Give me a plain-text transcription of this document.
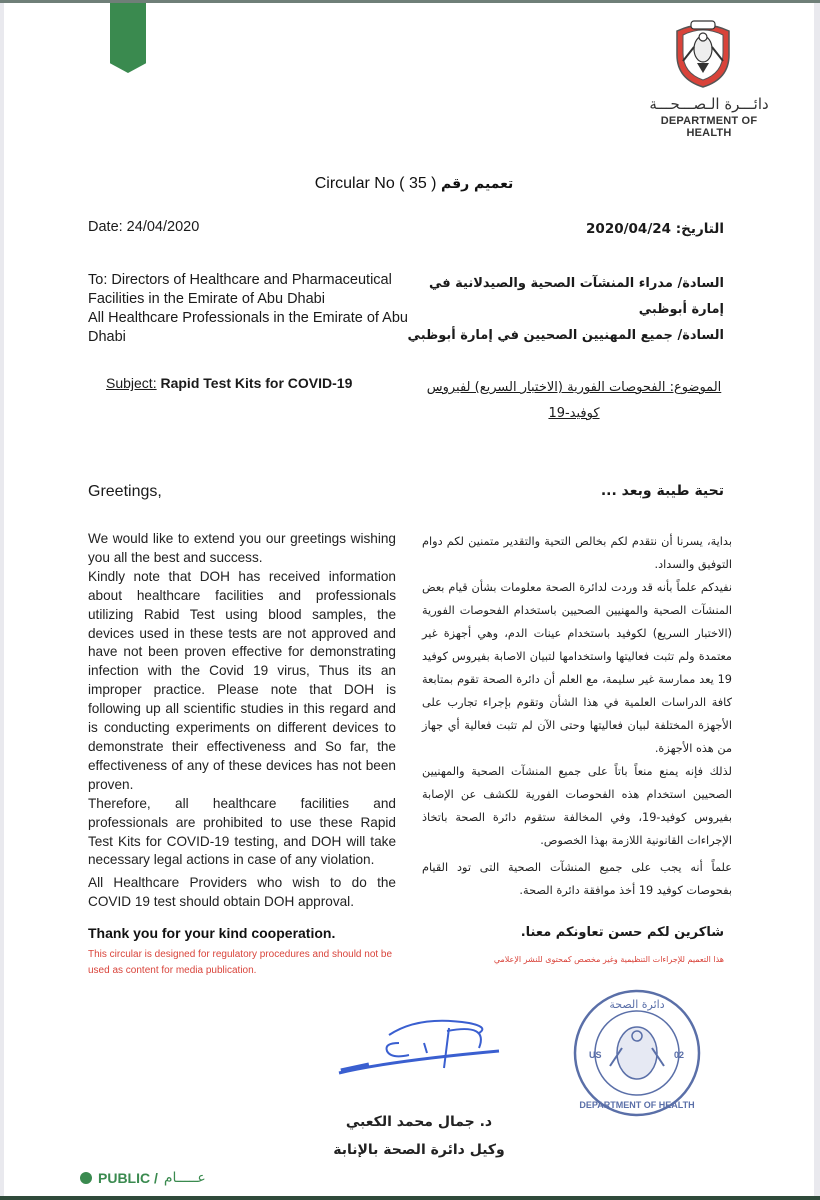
دائـــرة الـصـــحـــة
DEPARTMENT OF HEALTH
Circular No ( 35 ) تعميم رقم
Date: 24/04/2020	التاريخ: 2020/04/24
To: Directors of Healthcare and Pharmaceutical Facilities in the Emirate of Abu Dhabi
All Healthcare Professionals in the Emirate of Abu Dhabi
السادة/ مدراء المنشآت الصحية والصيدلانية في إمارة أبوظبي
السادة/ جميع المهنيين الصحيين في إمارة أبوظبي
Subject: Rapid Test Kits for COVID-19	الموضوع: الفحوصات الفورية (الاختبار السريع) لفيروس كوفيد-19
Greetings,	تحية طيبة وبعد ...

We would like to extend you our greetings wishing you all the best and success.

Kindly note that DOH has received information about healthcare facilities and professionals utilizing Rabid Test using blood samples, the devices used in these tests are not approved and have not been proven effective for demonstrating infection with the Covid 19 virus, Thus its an improper practice. Please note that DOH is following up all scientific studies in this regard and is conducting experiments on different devices to demonstrate their effectiveness and So far, the effectiveness of any of these devices has not been proven.

Therefore, all healthcare facilities and professionals are prohibited to use these Rapid Test Kits for COVID-19 testing, and DOH will take necessary legal actions in case of any violation.

All Healthcare Providers who wish to do the COVID 19 test should obtain DOH approval.

Thank you for your kind cooperation.
This circular is designed for regulatory procedures and should not be used as content for media publication.

بداية، يسرنا أن نتقدم لكم بخالص التحية والتقدير متمنين لكم دوام التوفيق والسداد.

نفيدكم علماً بأنه قد وردت لدائرة الصحة معلومات بشأن قيام بعض المنشآت الصحية والمهنيين الصحيين باستخدام الفحوصات الفورية (الاختبار السريع) لكوفيد باستخدام عينات الدم، وهي أجهزة غير معتمدة ولم تثبت فعاليتها واستخدامها لتبيان الاصابة بفيروس كوفيد 19 يعد ممارسة غير سليمة، مع العلم أن دائرة الصحة تقوم بمتابعة كافة الدراسات العلمية في هذا الشأن وتقوم بإجراء تجارب على الأجهزة المختلفة لبيان فعاليتها وحتى الآن لم تثبت فعالية أي جهاز من هذه الأجهزة.

لذلك فإنه يمنع منعاً باتاً على جميع المنشآت الصحية والمهنيين الصحيين استخدام هذه الفحوصات الفورية للكشف عن الإصابة بفيروس كوفيد-19، وفي المخالفة ستقوم دائرة الصحة باتخاذ الإجراءات القانونية اللازمة بهذا الخصوص.

علماً أنه يجب على جميع المنشآت الصحية التى تود القيام بفحوصات كوفيد 19 أخذ موافقة دائرة الصحة.

شاكرين لكم حسن تعاونكم معنا.
هذا التعميم للإجراءات التنظيمية وغير مخصص كمحتوى للنشر الإعلامي
US	02
دائرة الصحة
DEPARTMENT OF HEALTH
د. جمال محمد الكعبي
وكيل دائرة الصحة بالإنابة
PUBLIC / عـــــام
